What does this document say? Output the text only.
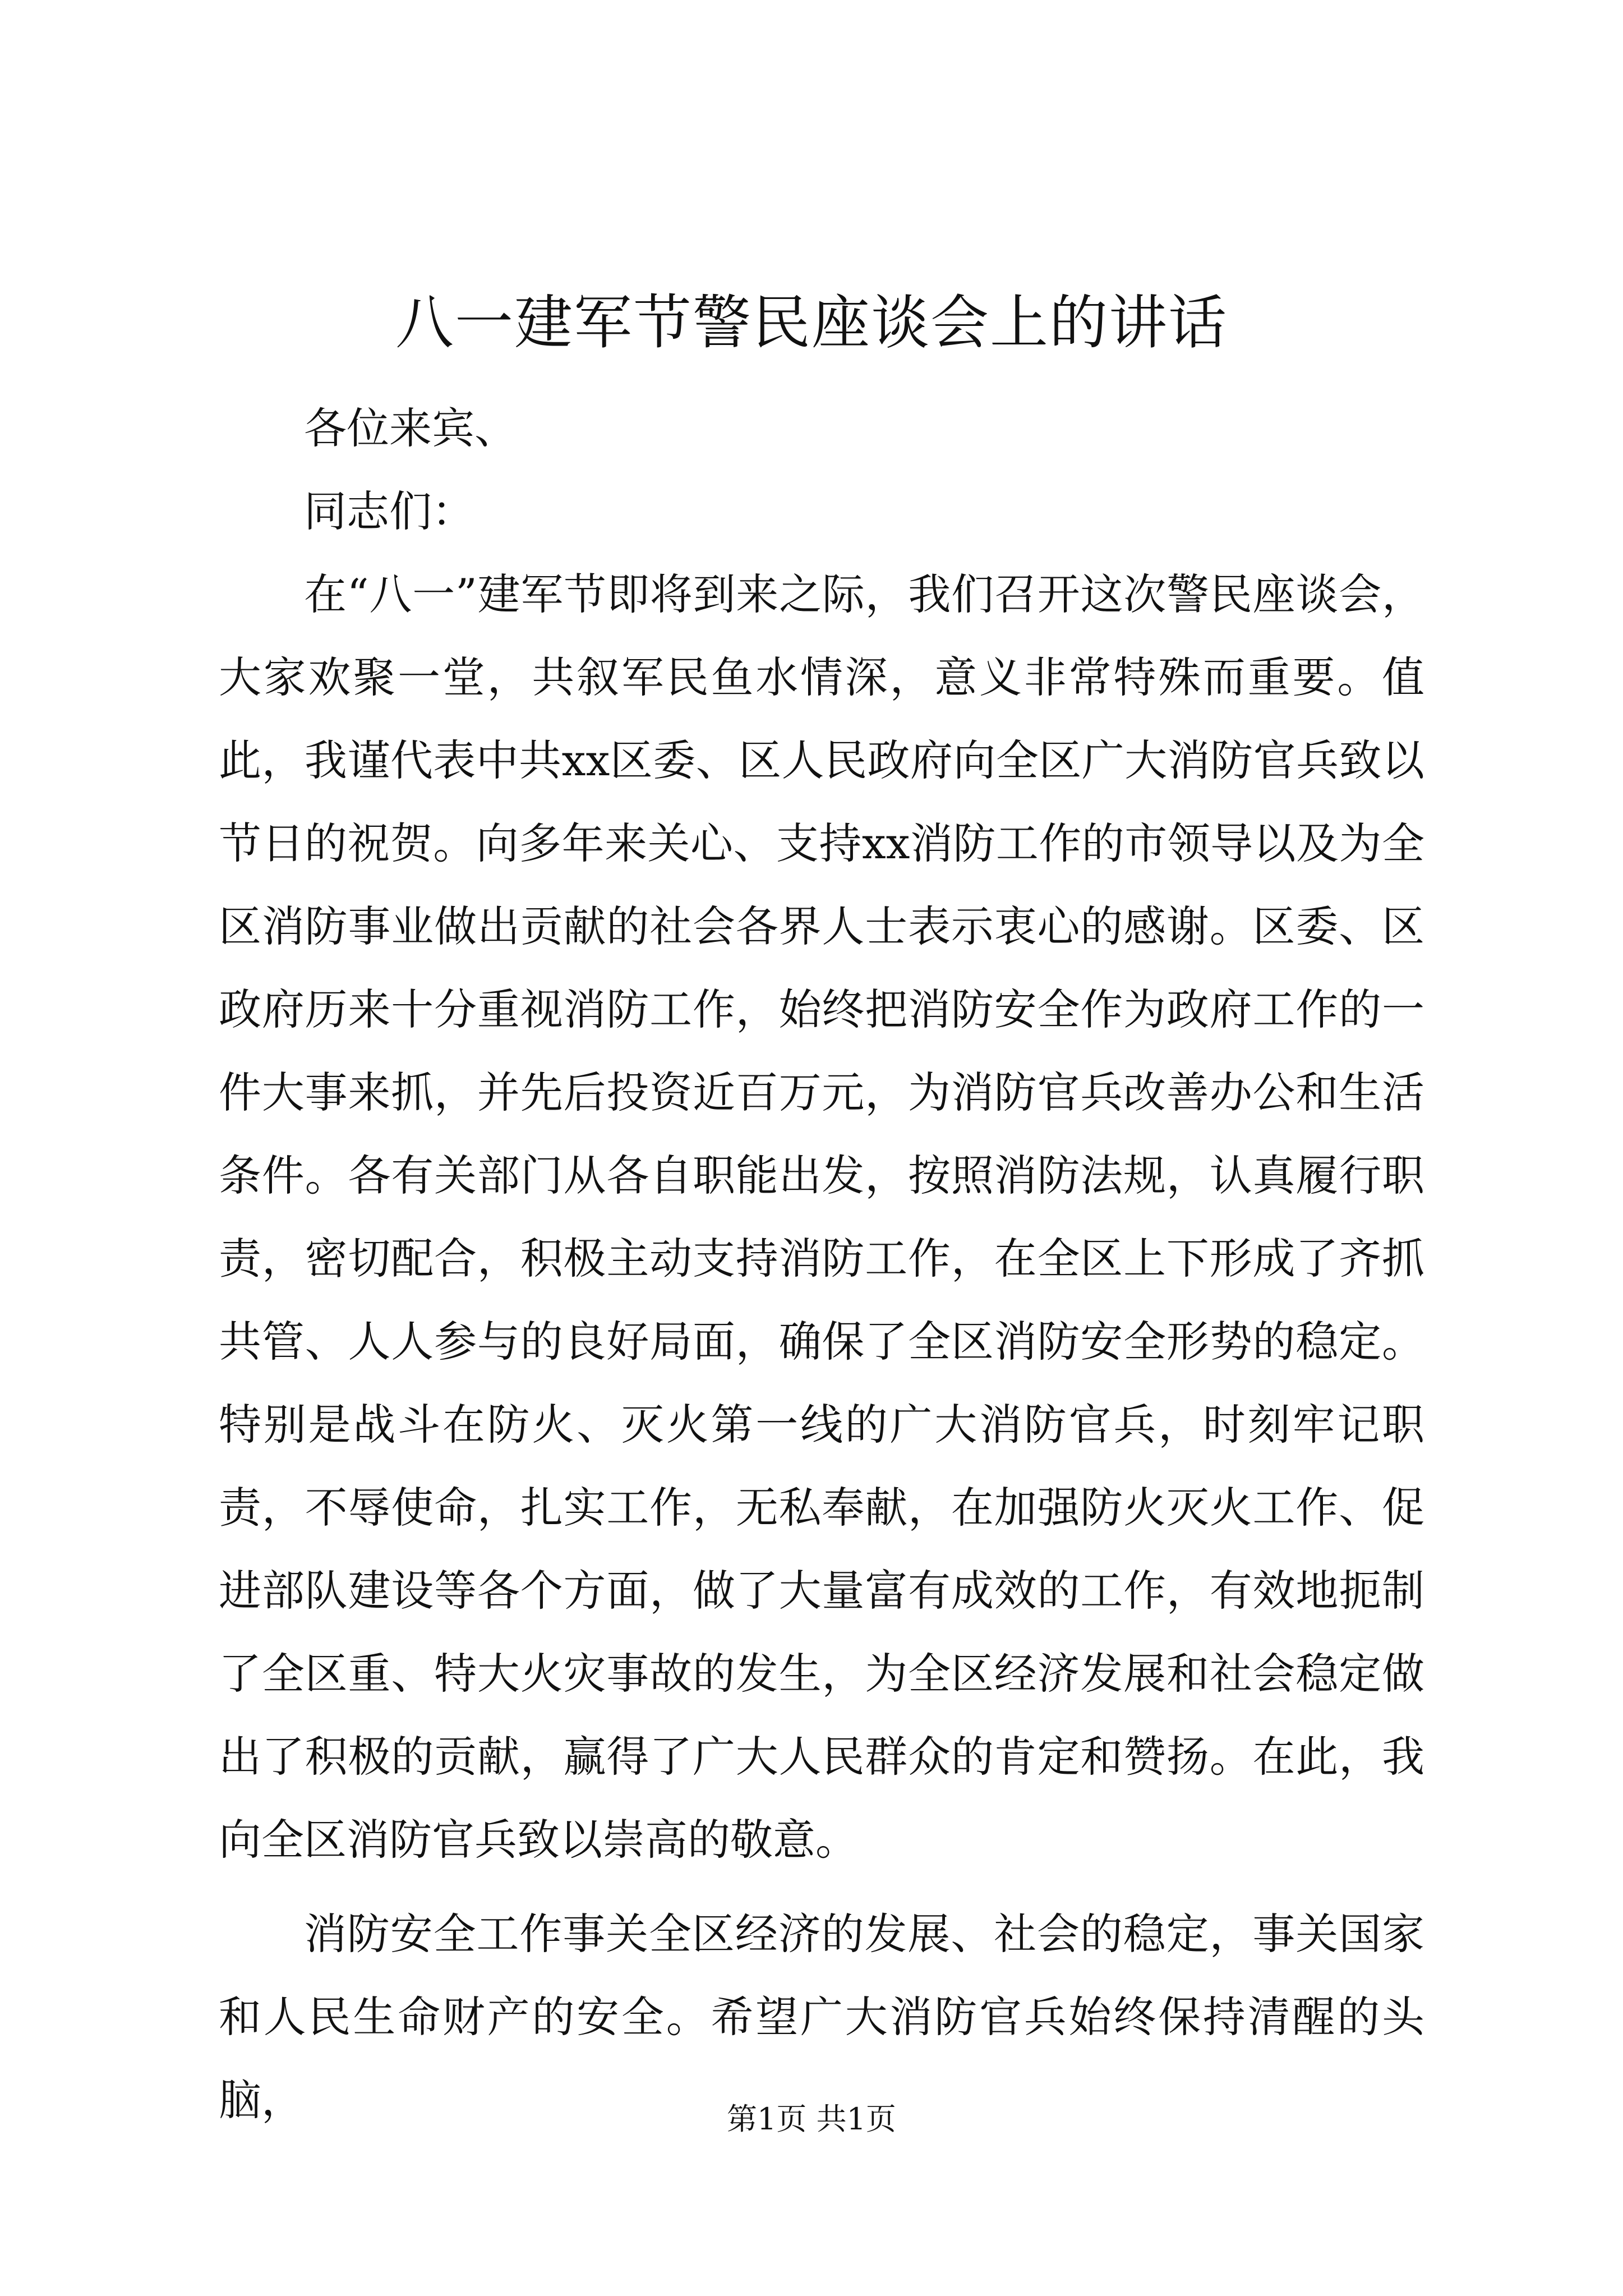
八一建军节警民座谈会上的讲话

各位来宾、

同志们：

在“八一”建军节即将到来之际，我们召开这次警民座谈会，大家欢聚一堂，共叙军民鱼水情深，意义非常特殊而重要。值此，我谨代表中共xx区委、区人民政府向全区广大消防官兵致以节日的祝贺。向多年来关心、支持xx消防工作的市领导以及为全区消防事业做出贡献的社会各界人士表示衷心的感谢。区委、区政府历来十分重视消防工作，始终把消防安全作为政府工作的一件大事来抓，并先后投资近百万元，为消防官兵改善办公和生活条件。各有关部门从各自职能出发，按照消防法规，认真履行职责，密切配合，积极主动支持消防工作，在全区上下形成了齐抓共管、人人参与的良好局面，确保了全区消防安全形势的稳定。特别是战斗在防火、灭火第一线的广大消防官兵，时刻牢记职责，不辱使命，扎实工作，无私奉献，在加强防火灭火工作、促进部队建设等各个方面，做了大量富有成效的工作，有效地扼制了全区重、特大火灾事故的发生，为全区经济发展和社会稳定做出了积极的贡献，赢得了广大人民群众的肯定和赞扬。在此，我向全区消防官兵致以崇高的敬意。

消防安全工作事关全区经济的发展、社会的稳定，事关国家和人民生命财产的安全。希望广大消防官兵始终保持清醒的头脑，	第1页 共1页
